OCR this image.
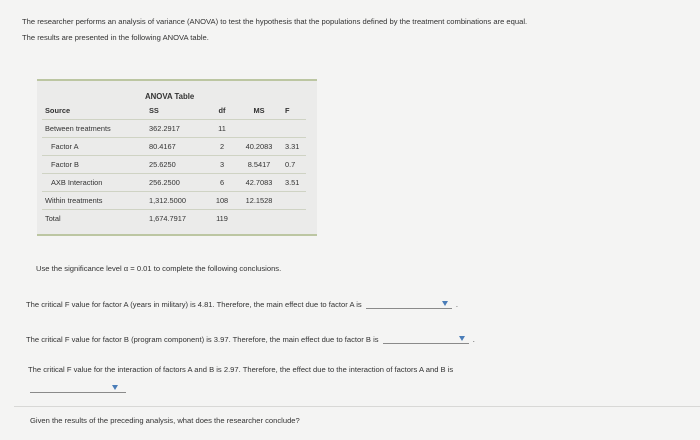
The researcher performs an analysis of variance (ANOVA) to test the hypothesis that the populations defined by the treatment combinations are equal.
The results are presented in the following ANOVA table.
ANOVA Table
Source	SS	df	MS	F
Between treatments	362.2917	11		
Factor A	80.4167	2	40.2083	3.31
Factor B	25.6250	3	8.5417	0.7
AXB Interaction	256.2500	6	42.7083	3.51
Within treatments	1,312.5000	108	12.1528	
Total	1,674.7917	119		
Use the significance level α = 0.01 to complete the following conclusions.
The critical F value for factor A (years in military) is 4.81. Therefore, the main effect due to factor A is	.
The critical F value for factor B (program component) is 3.97. Therefore, the main effect due to factor B is	.
The critical F value for the interaction of factors A and B is 2.97. Therefore, the effect due to the interaction of factors A and B is
Given the results of the preceding analysis, what does the researcher conclude?
